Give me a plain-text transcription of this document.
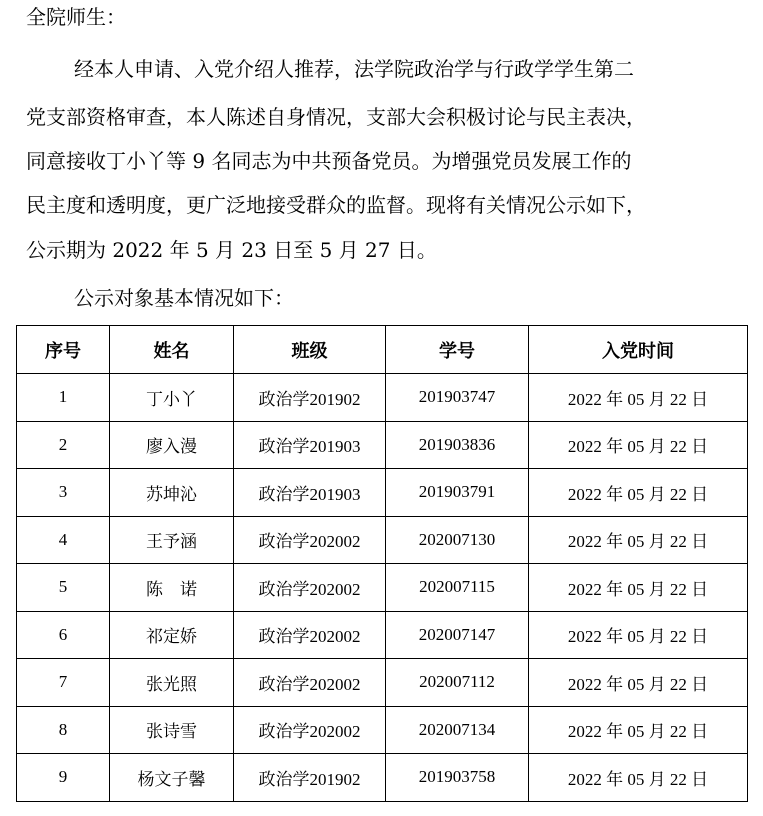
全院师生：
经本人申请、入党介绍人推荐，法学院政治学与行政学学生第二
党支部资格审查，本人陈述自身情况，支部大会积极讨论与民主表决，
同意接收丁小丫等 9 名同志为中共预备党员。为增强党员发展工作的
民主度和透明度，更广泛地接受群众的监督。现将有关情况公示如下，
公示期为 2022 年 5 月 23 日至 5 月 27 日。
公示对象基本情况如下：
序号	姓名	班级	学号	入党时间
1	丁小丫	政治学201902	201903747	2022 年 05 月 22 日
2	廖入漫	政治学201903	201903836	2022 年 05 月 22 日
3	苏坤沁	政治学201903	201903791	2022 年 05 月 22 日
4	王予涵	政治学202002	202007130	2022 年 05 月 22 日
5	陈　诺	政治学202002	202007115	2022 年 05 月 22 日
6	祁定娇	政治学202002	202007147	2022 年 05 月 22 日
7	张光照	政治学202002	202007112	2022 年 05 月 22 日
8	张诗雪	政治学202002	202007134	2022 年 05 月 22 日
9	杨文子馨	政治学201902	201903758	2022 年 05 月 22 日
